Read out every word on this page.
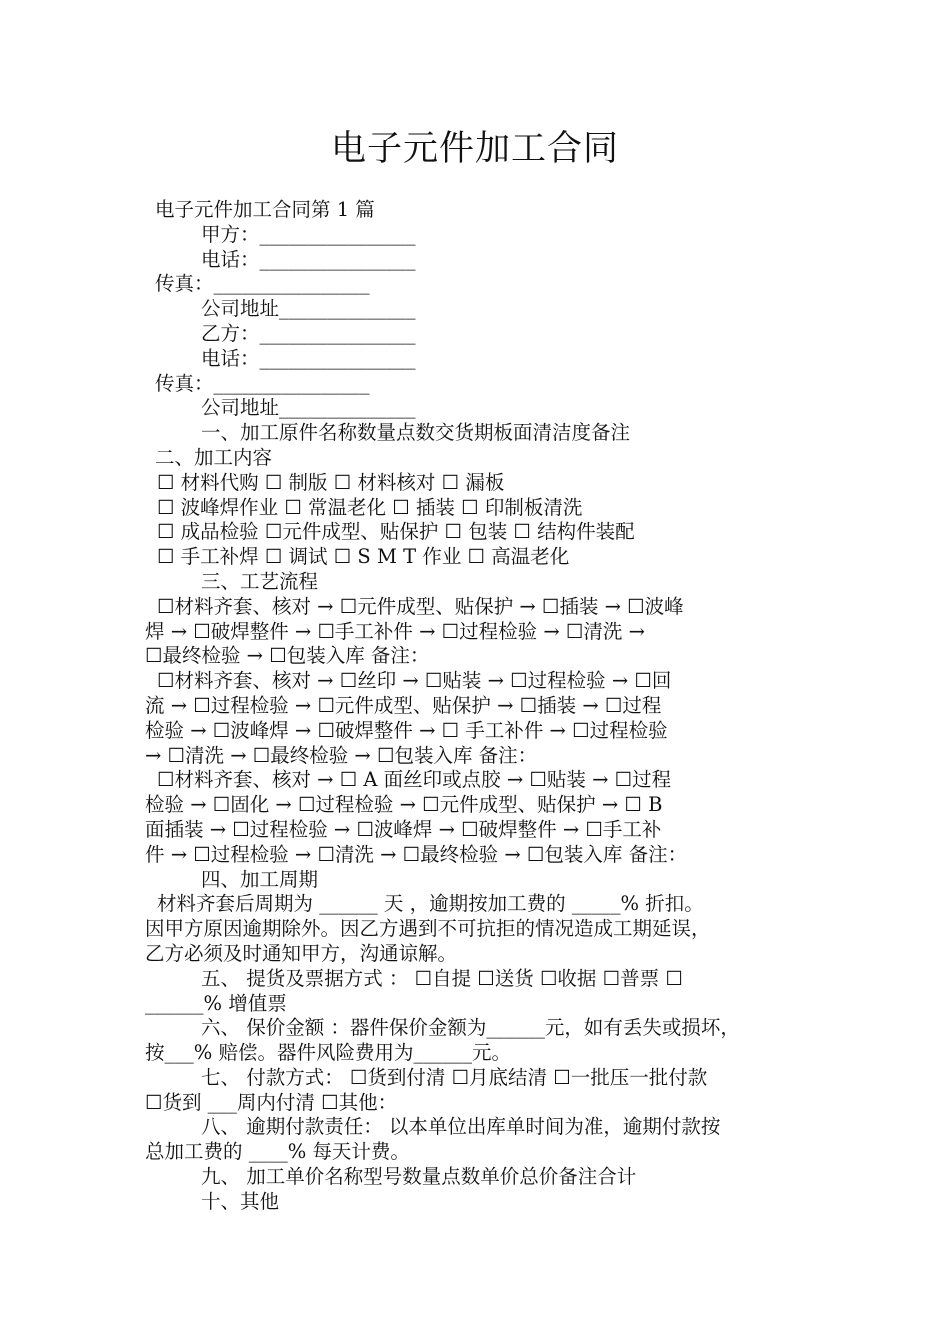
电子元件加工合同
电子元件加工合同第 1 篇
甲方：________________
电话：________________
传真：________________
公司地址______________
乙方：________________
电话：________________
传真：________________
公司地址______________
一、加工原件名称数量点数交货期板面清洁度备注
二、加工内容
☐ 材料代购 ☐ 制版 ☐ 材料核对 ☐ 漏板
☐ 波峰焊作业 ☐ 常温老化 ☐ 插装 ☐ 印制板清洗
☐ 成品检验 ☐元件成型、贴保护 ☐ 包装 ☐ 结构件装配
☐ 手工补焊 ☐ 调试 ☐ S M T 作业 ☐ 高温老化
三、工艺流程
☐材料齐套、核对 → ☐元件成型、贴保护 → ☐插装 → ☐波峰
焊 → ☐破焊整件 → ☐手工补件 → ☐过程检验 → ☐清洗 →
☐最终检验 → ☐包装入库 备注：
☐材料齐套、核对 → ☐丝印 → ☐贴装 → ☐过程检验 → ☐回
流 → ☐过程检验 → ☐元件成型、贴保护 → ☐插装 → ☐过程
检验 → ☐波峰焊 → ☐破焊整件 → ☐ 手工补件 → ☐过程检验
→ ☐清洗 → ☐最终检验 → ☐包装入库 备注：
☐材料齐套、核对 → ☐ A 面丝印或点胶 → ☐贴装 → ☐过程
检验 → ☐固化 → ☐过程检验 → ☐元件成型、贴保护 → ☐ B
面插装 → ☐过程检验 → ☐波峰焊 → ☐破焊整件 → ☐手工补
件 → ☐过程检验 → ☐清洗 → ☐最终检验 → ☐包装入库 备注：
四、加工周期
材料齐套后周期为 ______ 天 ，逾期按加工费的 _____% 折扣。
因甲方原因逾期除外。因乙方遇到不可抗拒的情况造成工期延误，
乙方必须及时通知甲方，沟通谅解。
五、 提货及票据方式 ： ☐自提 ☐送货 ☐收据 ☐普票 ☐
______% 增值票
六、 保价金额 ：器件保价金额为______元，如有丢失或损坏，
按___% 赔偿。器件风险费用为______元。
七、 付款方式： ☐货到付清 ☐月底结清 ☐一批压一批付款
☐货到 ___周内付清 ☐其他：
八、 逾期付款责任： 以本单位出库单时间为准，逾期付款按
总加工费的 ____% 每天计费。
九、 加工单价名称型号数量点数单价总价备注合计
十、其他
